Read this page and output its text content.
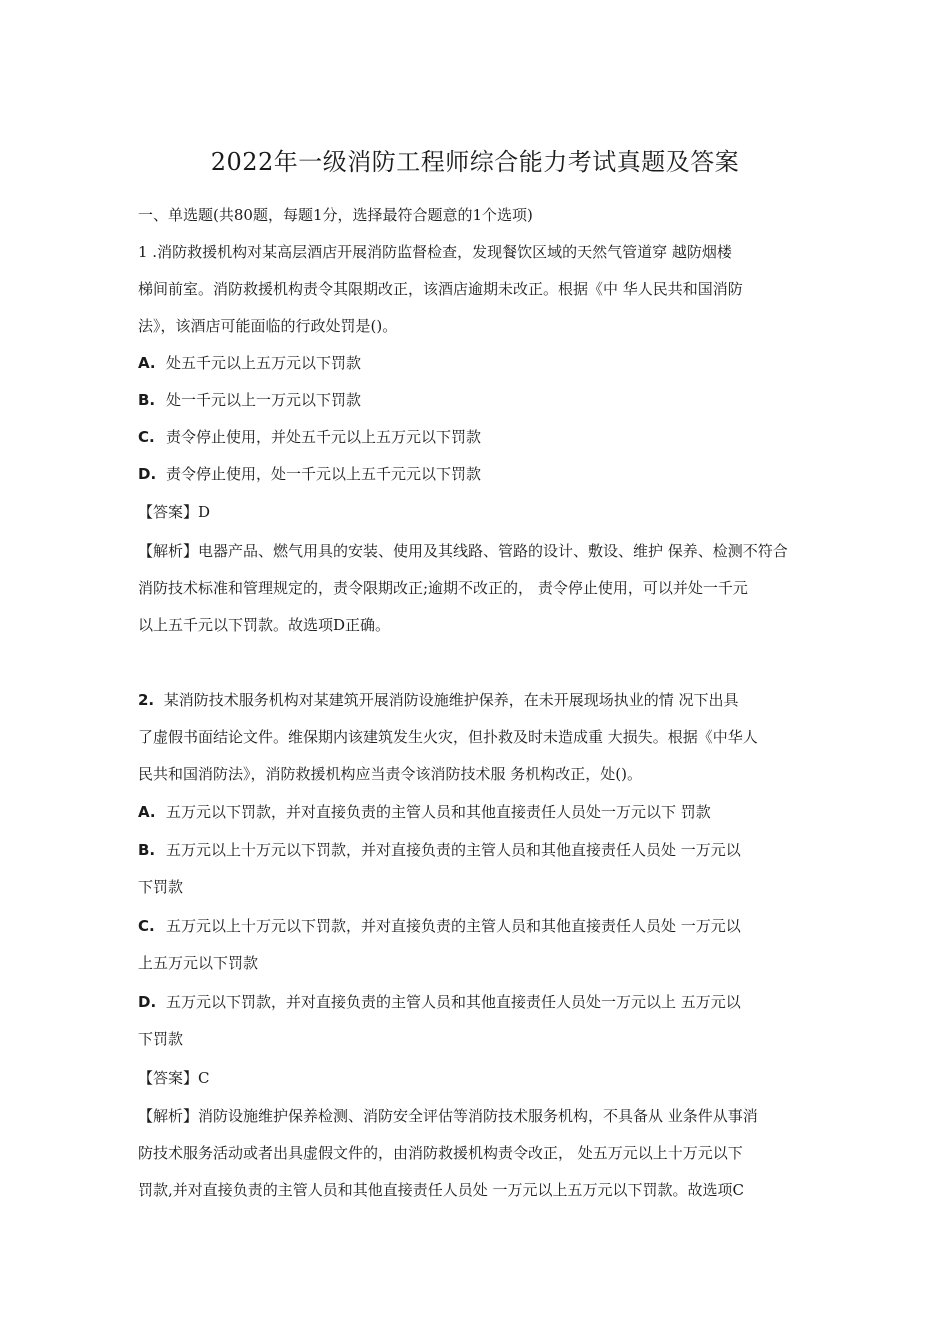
2022年一级消防工程师综合能力考试真题及答案
一、单选题(共80题，每题1分，选择最符合题意的1个选项)
1 .消防救援机构对某高层酒店开展消防监督检查，发现餐饮区域的天然气管道穿 越防烟楼
梯间前室。消防救援机构责令其限期改正，该酒店逾期未改正。根据《中 华人民共和国消防
法》，该酒店可能面临的行政处罚是()。
A. 处五千元以上五万元以下罚款
B. 处一千元以上一万元以下罚款
C. 责令停止使用，并处五千元以上五万元以下罚款
D. 责令停止使用，处一千元以上五千元元以下罚款
【答案】D
【解析】电器产品、燃气用具的安装、使用及其线路、管路的设计、敷设、维护 保养、检测不符合
消防技术标准和管理规定的，责令限期改正;逾期不改正的， 责令停止使用，可以并处一千元
以上五千元以下罚款。故选项D正确。
2. 某消防技术服务机构对某建筑开展消防设施维护保养，在未开展现场执业的情 况下出具
了虚假书面结论文件。维保期内该建筑发生火灾，但扑救及时未造成重 大损失。根据《中华人
民共和国消防法》，消防救援机构应当责令该消防技术服 务机构改正，处()。
A. 五万元以下罚款，并对直接负责的主管人员和其他直接责任人员处一万元以下 罚款
B. 五万元以上十万元以下罚款，并对直接负责的主管人员和其他直接责任人员处 一万元以
下罚款
C. 五万元以上十万元以下罚款，并对直接负责的主管人员和其他直接责任人员处 一万元以
上五万元以下罚款
D. 五万元以下罚款，并对直接负责的主管人员和其他直接责任人员处一万元以上 五万元以
下罚款
【答案】C
【解析】消防设施维护保养检测、消防安全评估等消防技术服务机构，不具备从 业条件从事消
防技术服务活动或者出具虚假文件的，由消防救援机构责令改正， 处五万元以上十万元以下
罚款,并对直接负责的主管人员和其他直接责任人员处 一万元以上五万元以下罚款。故选项C
